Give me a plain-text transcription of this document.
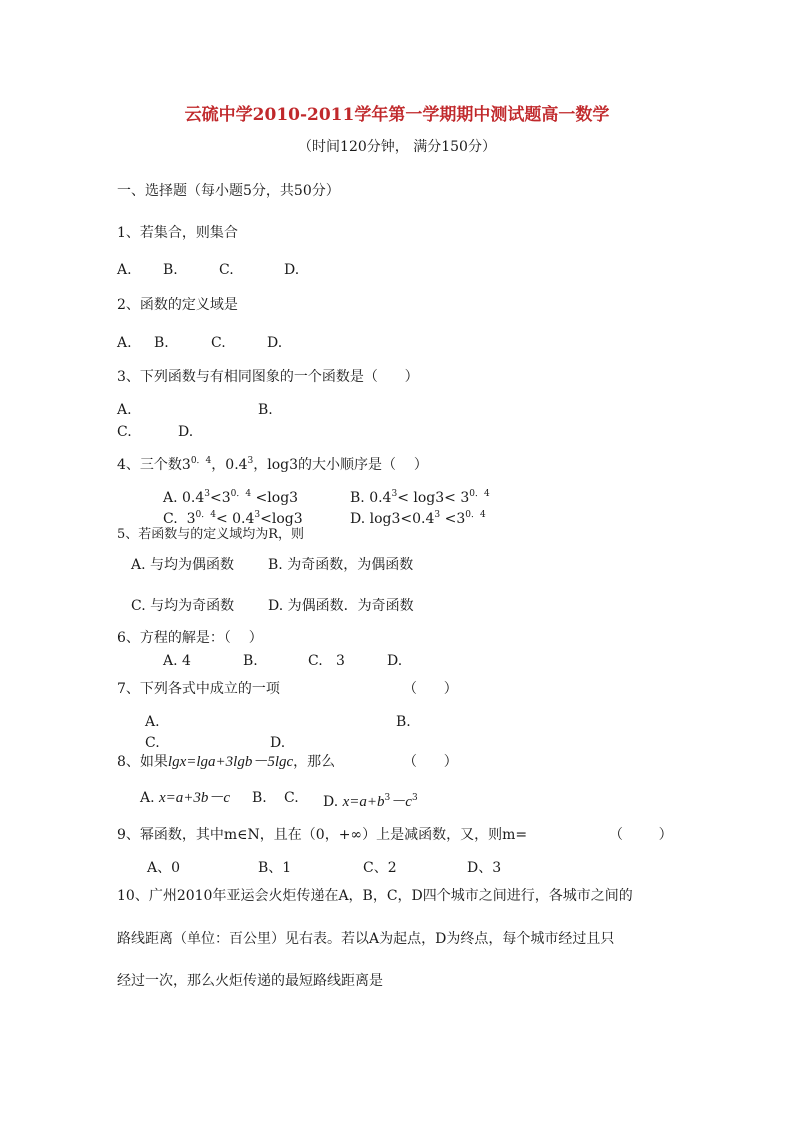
云硫中学2010-2011学年第一学期期中测试题高一数学
（时间120分钟， 满分150分）
一、选择题（每小题5分，共50分）
1、若集合，则集合
A. B.	C.	D.
2、函数的定义域是
A. B.	C.	D.
3、下列函数与有相同图象的一个函数是（      ）
A.	B.
C.	D.
4、三个数$3^{0.4}$，$0.4^3$，log3的大小顺序是（    ）
A. $0.4^3<3^{0.4} <\log 3$	B. $0.4^3< \log 3< 3^{0.4}$
C.  $3^{0.4}< 0.4^3<\log 3$	D. $\log 3<0.4^3 <3^{0.4}$
5、若函数与的定义域均为R，则
A. 与均为偶函数 B. 为奇函数，为偶函数
C. 与均为奇函数 D. 为偶函数．为奇函数
6、方程的解是：（    ）
A. 4	B.	C.   3	D.
7、下列各式中成立的一项	（      ）
A.	B.
C.	D.
8、如果lgx=lga+3lgb－5lgc，那么	（      ）
A. x=a+3b－c B. C. D. $x=a+b^3-c^3$
9、幂函数，其中m∈N，且在（0，+∞）上是减函数，又，则m=	（        ）
A、0	B、1	C、2	D、3
10、广州2010年亚运会火炬传递在A，B，C，D四个城市之间进行，各城市之间的
路线距离（单位：百公里）见右表。若以A为起点，D为终点，每个城市经过且只
经过一次，那么火炬传递的最短路线距离是
